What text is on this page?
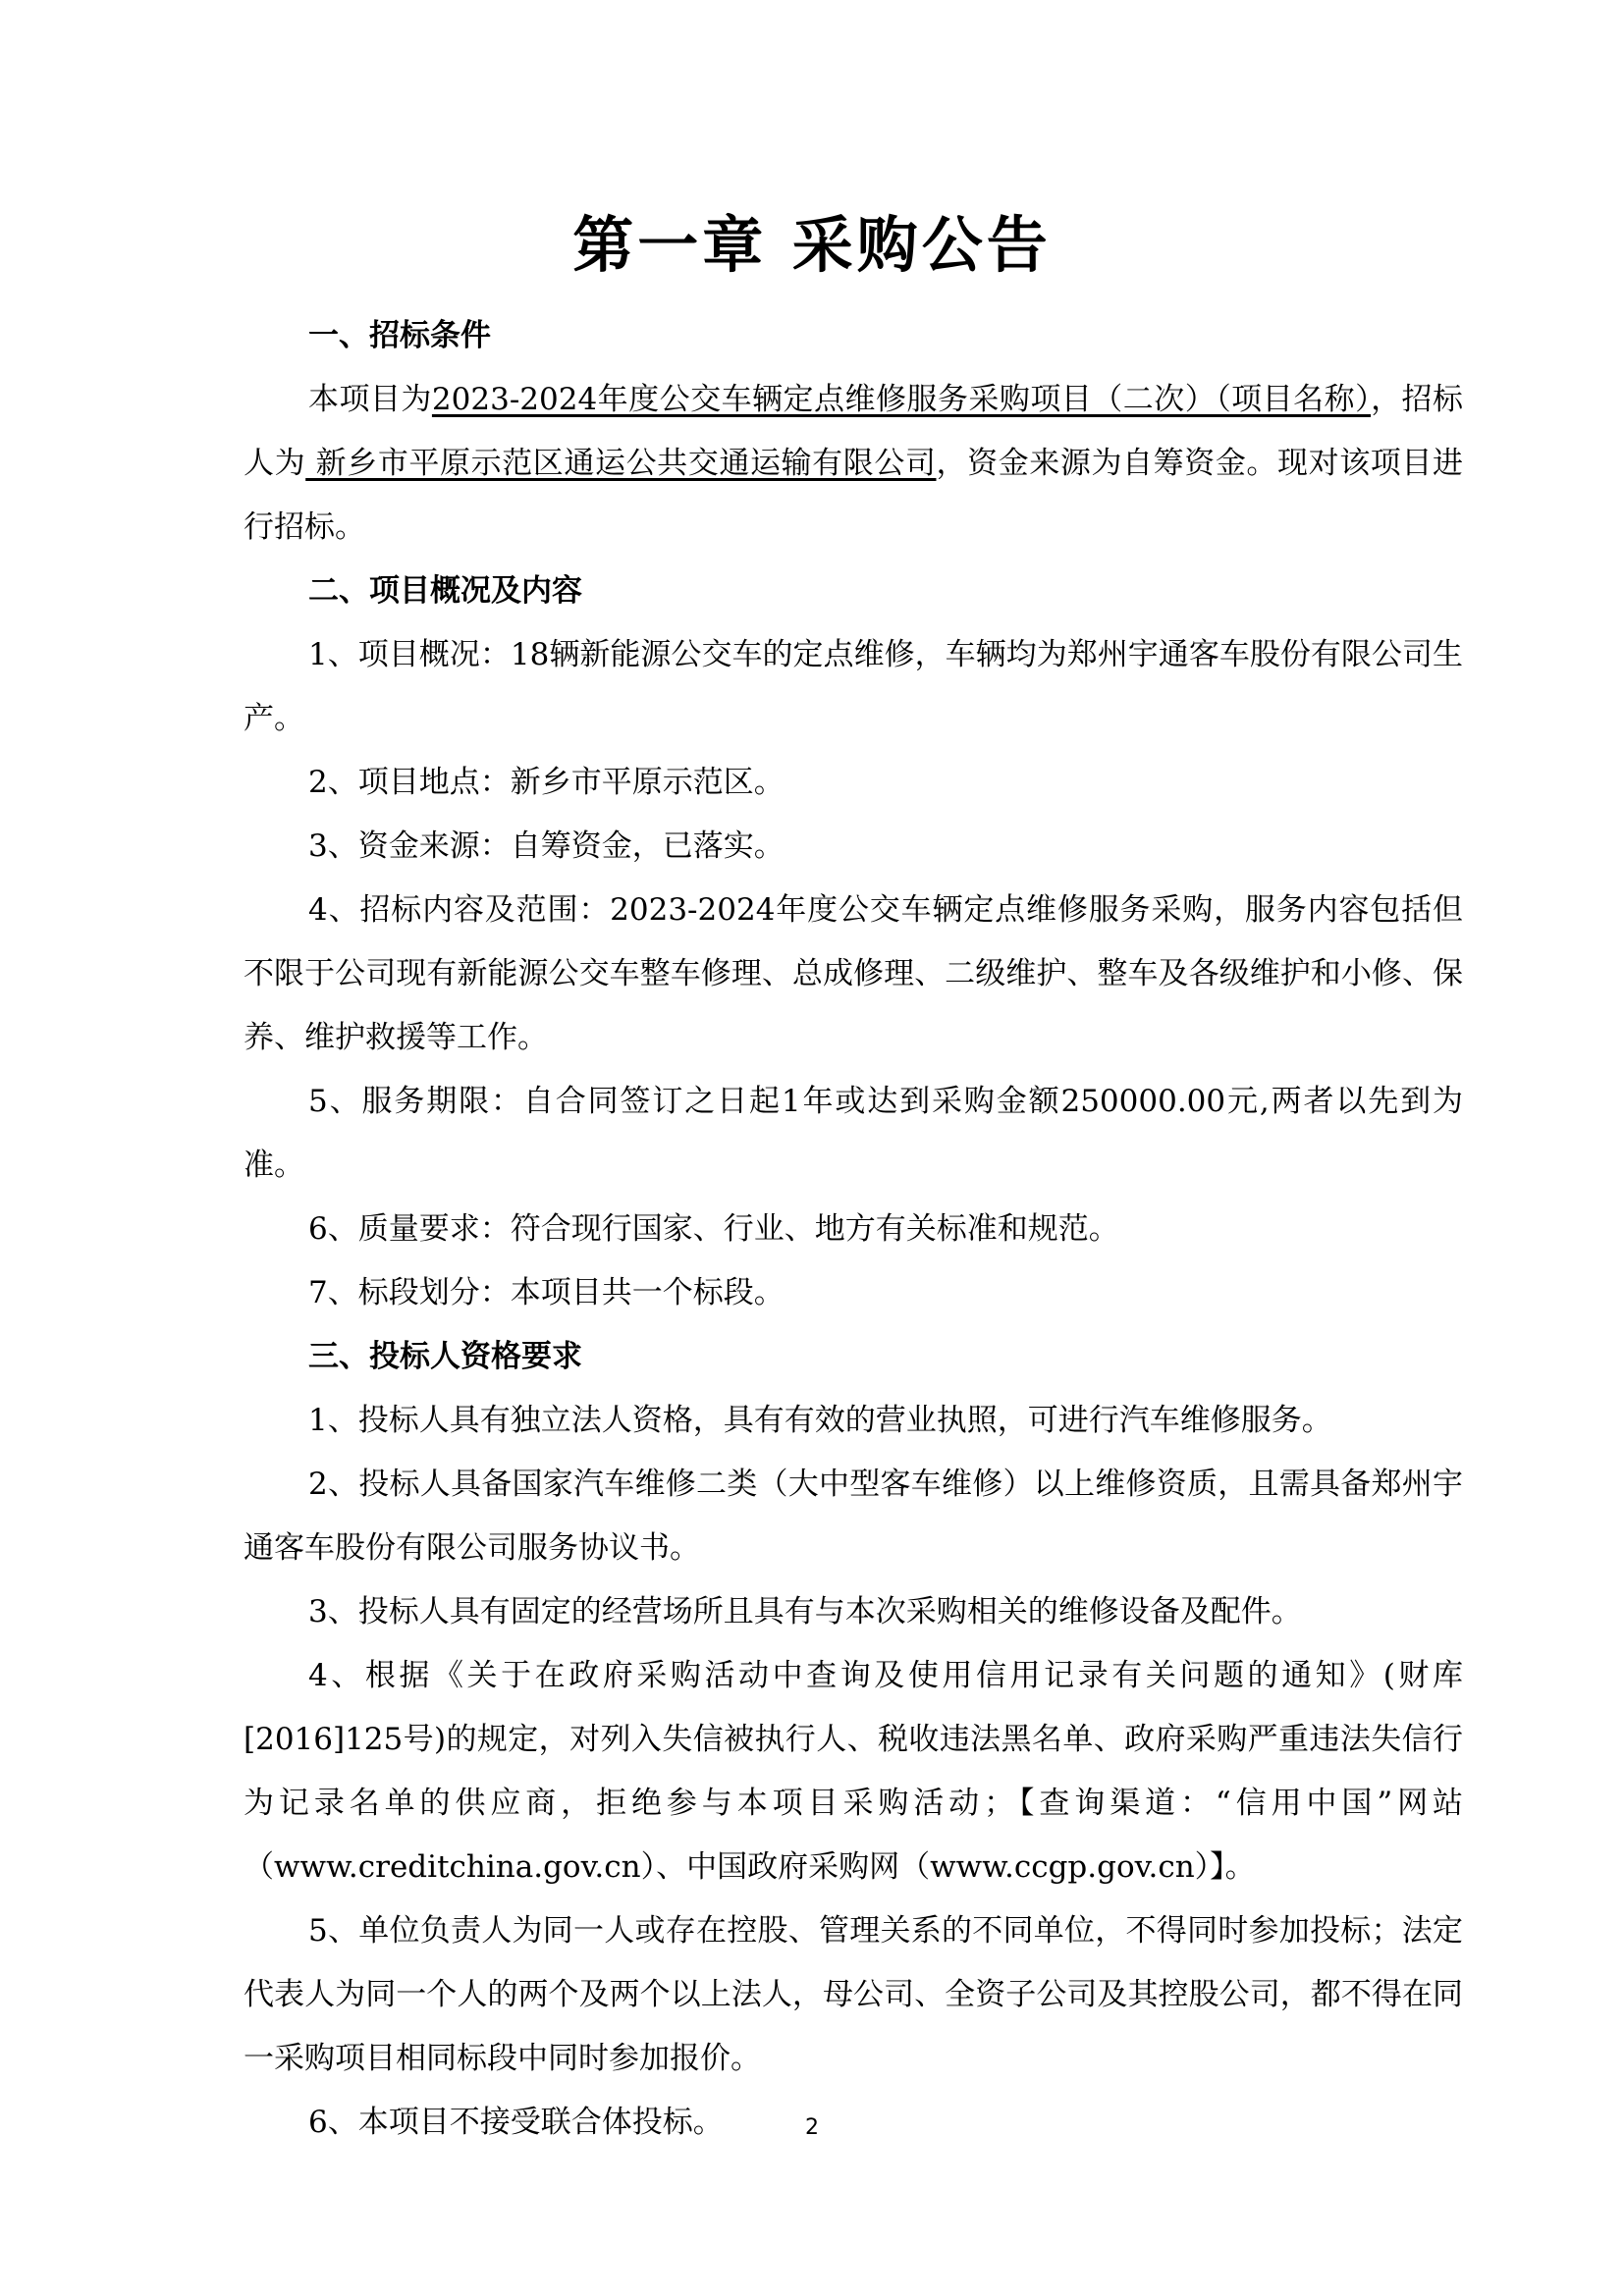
第一章 采购公告

一、招标条件

本项目为2023-2024年度公交车辆定点维修服务采购项目（二次）（项目名称），招标人为 新乡市平原示范区通运公共交通运输有限公司，资金来源为自筹资金。现对该项目进行招标。

二、项目概况及内容

1、项目概况：18辆新能源公交车的定点维修，车辆均为郑州宇通客车股份有限公司生产。

2、项目地点：新乡市平原示范区。

3、资金来源：自筹资金，已落实。

4、招标内容及范围：2023-2024年度公交车辆定点维修服务采购，服务内容包括但不限于公司现有新能源公交车整车修理、总成修理、二级维护、整车及各级维护和小修、保养、维护救援等工作。

5、服务期限：自合同签订之日起1年或达到采购金额250000.00元,两者以先到为准。

6、质量要求：符合现行国家、行业、地方有关标准和规范。

7、标段划分：本项目共一个标段。

三、投标人资格要求

1、投标人具有独立法人资格，具有有效的营业执照，可进行汽车维修服务。

2、投标人具备国家汽车维修二类（大中型客车维修）以上维修资质，且需具备郑州宇通客车股份有限公司服务协议书。

3、投标人具有固定的经营场所且具有与本次采购相关的维修设备及配件。

4、根据《关于在政府采购活动中查询及使用信用记录有关问题的通知》(财库[2016]125号)的规定，对列入失信被执行人、税收违法黑名单、政府采购严重违法失信行为记录名单的供应商，拒绝参与本项目采购活动；【查询渠道：“信用中国”网站（www.creditchina.gov.cn）、中国政府采购网（www.ccgp.gov.cn）】。

5、单位负责人为同一人或存在控股、管理关系的不同单位，不得同时参加投标；法定代表人为同一个人的两个及两个以上法人，母公司、全资子公司及其控股公司，都不得在同一采购项目相同标段中同时参加报价。

6、本项目不接受联合体投标。	2
